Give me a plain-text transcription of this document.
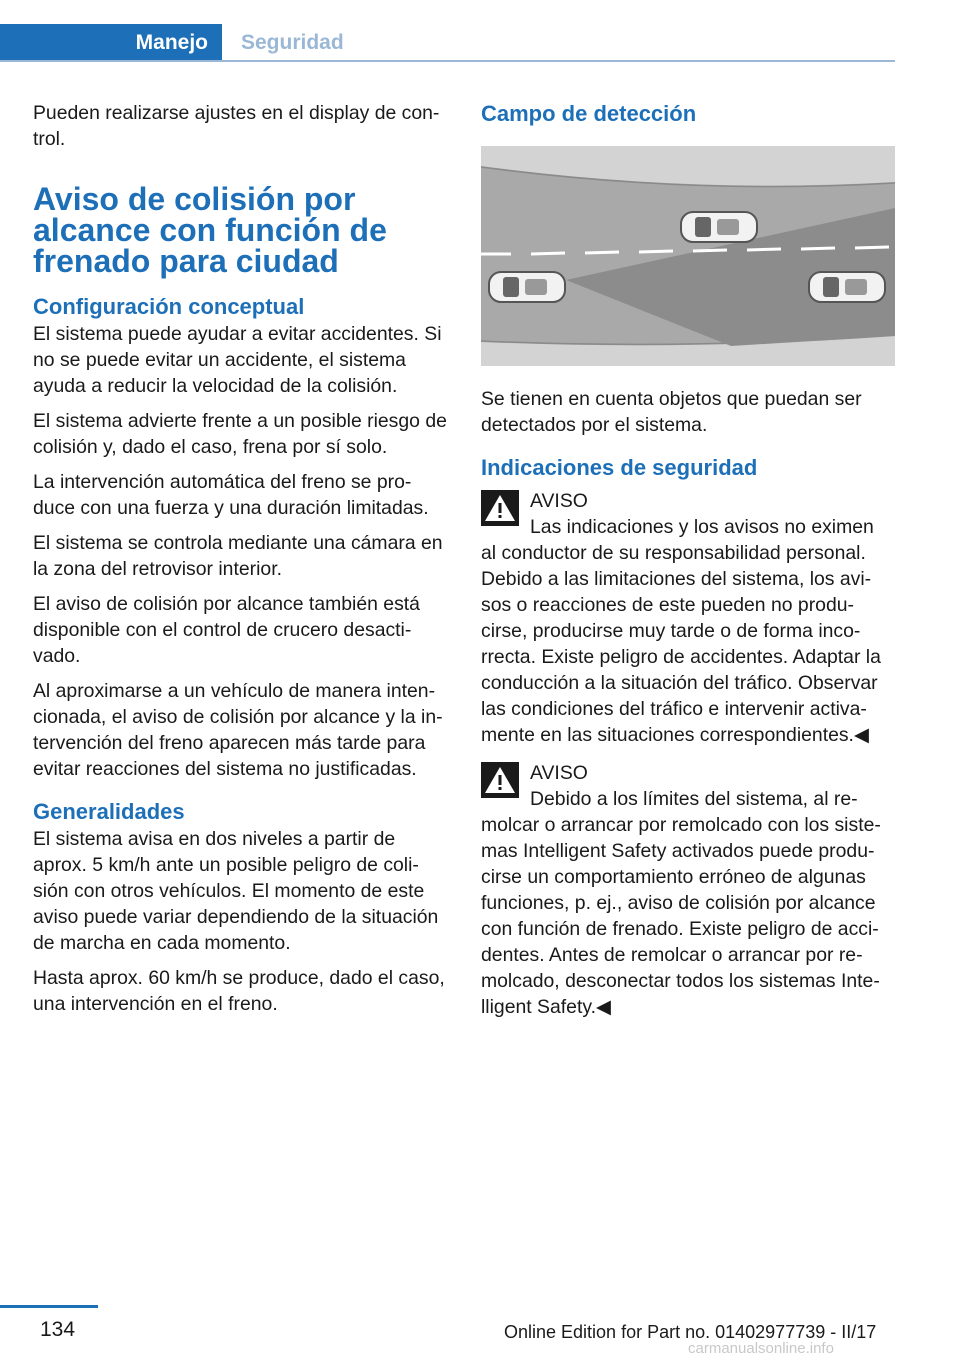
Manejo Seguridad

Pueden realizarse ajustes en el display de con‐trol.

Aviso de colisión por alcance con función de frenado para ciudad
Configuración conceptual

El sistema puede ayudar a evitar accidentes. Si no se puede evitar un accidente, el sistema ayuda a reducir la velocidad de la colisión.

El sistema advierte frente a un posible riesgo de colisión y, dado el caso, frena por sí solo.

La intervención automática del freno se pro‐duce con una fuerza y una duración limitadas.

El sistema se controla mediante una cámara en la zona del retrovisor interior.

El aviso de colisión por alcance también está disponible con el control de crucero desacti‐vado.

Al aproximarse a un vehículo de manera inten‐cionada, el aviso de colisión por alcance y la in‐tervención del freno aparecen más tarde para evitar reacciones del sistema no justificadas.

Generalidades

El sistema avisa en dos niveles a partir de aprox. 5 km/h ante un posible peligro de coli‐sión con otros vehículos. El momento de este aviso puede variar dependiendo de la situación de marcha en cada momento.

Hasta aprox. 60 km/h se produce, dado el caso, una intervención en el freno.

Campo de detección

Se tienen en cuenta objetos que puedan ser detectados por el sistema.

Indicaciones de seguridad
AVISO
Las indicaciones y los avisos no eximen

al conductor de su responsabilidad personal. Debido a las limitaciones del sistema, los avi‐sos o reacciones de este pueden no produ‐cirse, producirse muy tarde o de forma inco‐rrecta. Existe peligro de accidentes. Adaptar la conducción a la situación del tráfico. Observar las condiciones del tráfico e intervenir activa‐mente en las situaciones correspondientes.◀

AVISO
Debido a los límites del sistema, al re‐

molcar o arrancar por remolcado con los siste‐mas Intelligent Safety activados puede produ‐cirse un comportamiento erróneo de algunas funciones, p. ej., aviso de colisión por alcance con función de frenado. Existe peligro de acci‐dentes. Antes de remolcar o arrancar por re‐molcado, desconectar todos los sistemas Inte‐lligent Safety.◀

134	Online Edition for Part no. 01402977739 - II/17
carmanualsonline.info
